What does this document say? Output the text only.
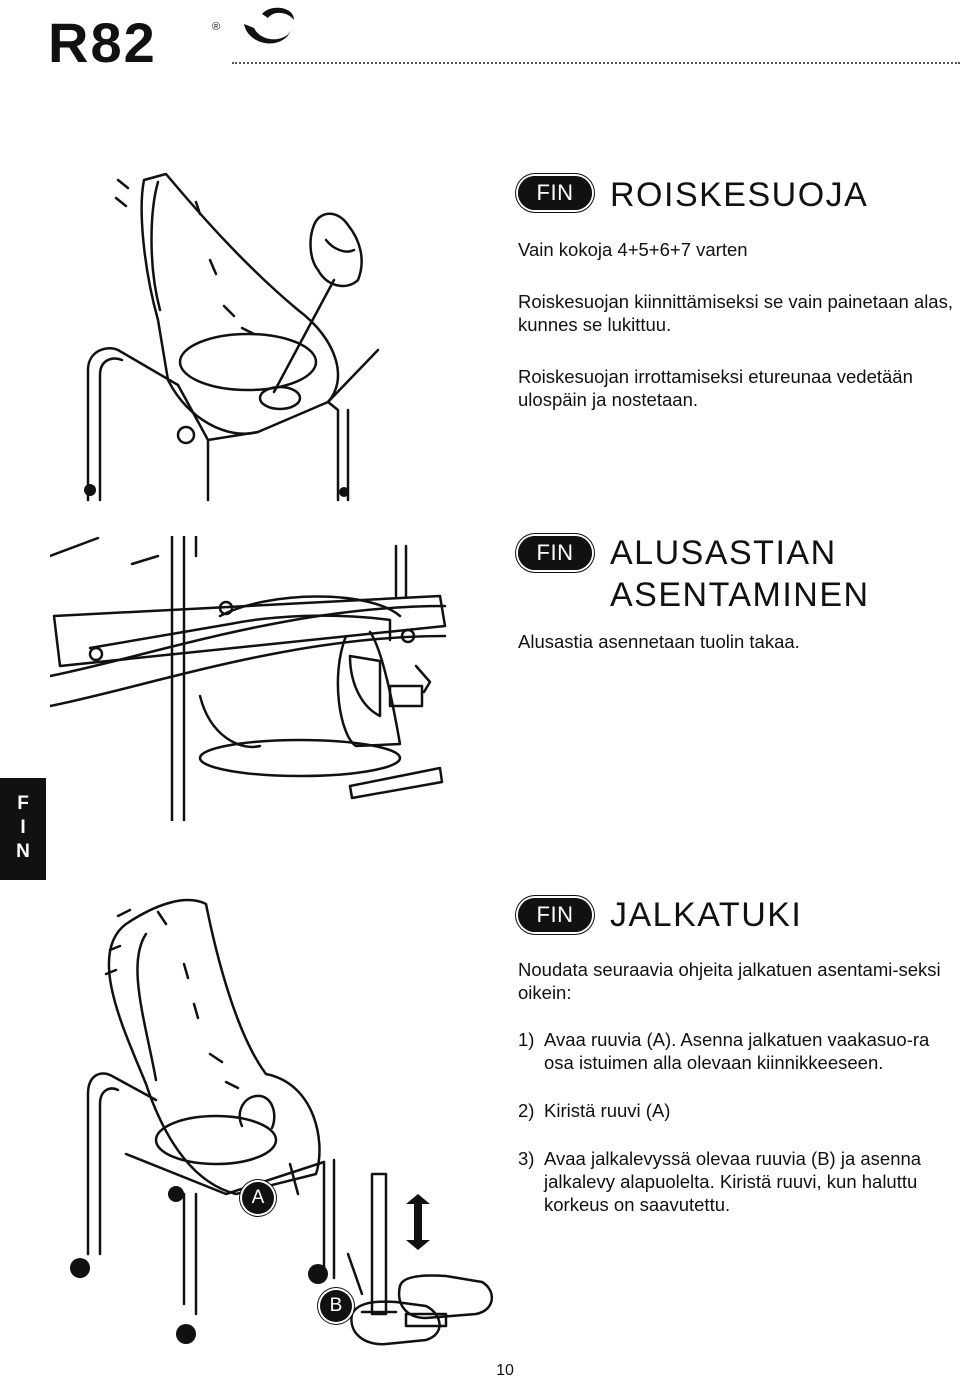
R82	®
FIN	ROISKESUOJA

Vain kokoja 4+5+6+7 varten

Roiskesuojan kiinnittämiseksi se vain painetaan alas, kunnes se lukittuu.

Roiskesuojan irrottamiseksi etureunaa vedetään ulospäin ja nostetaan.

FIN	ALUSASTIAN
ASENTAMINEN

Alusastia asennetaan tuolin takaa.

F
I
N
A
B
FIN	JALKATUKI

Noudata seuraavia ohjeita jalkatuen asentami-seksi oikein:

1) Avaa ruuvia (A). Asenna jalkatuen vaakasuo-ra osa istuimen alla olevaan kiinnikkeeseen.
2) Kiristä ruuvi (A)
3) Avaa jalkalevyssä olevaa ruuvia (B) ja asenna jalkalevy alapuolelta. Kiristä ruuvi, kun haluttu korkeus on saavutettu.
10
